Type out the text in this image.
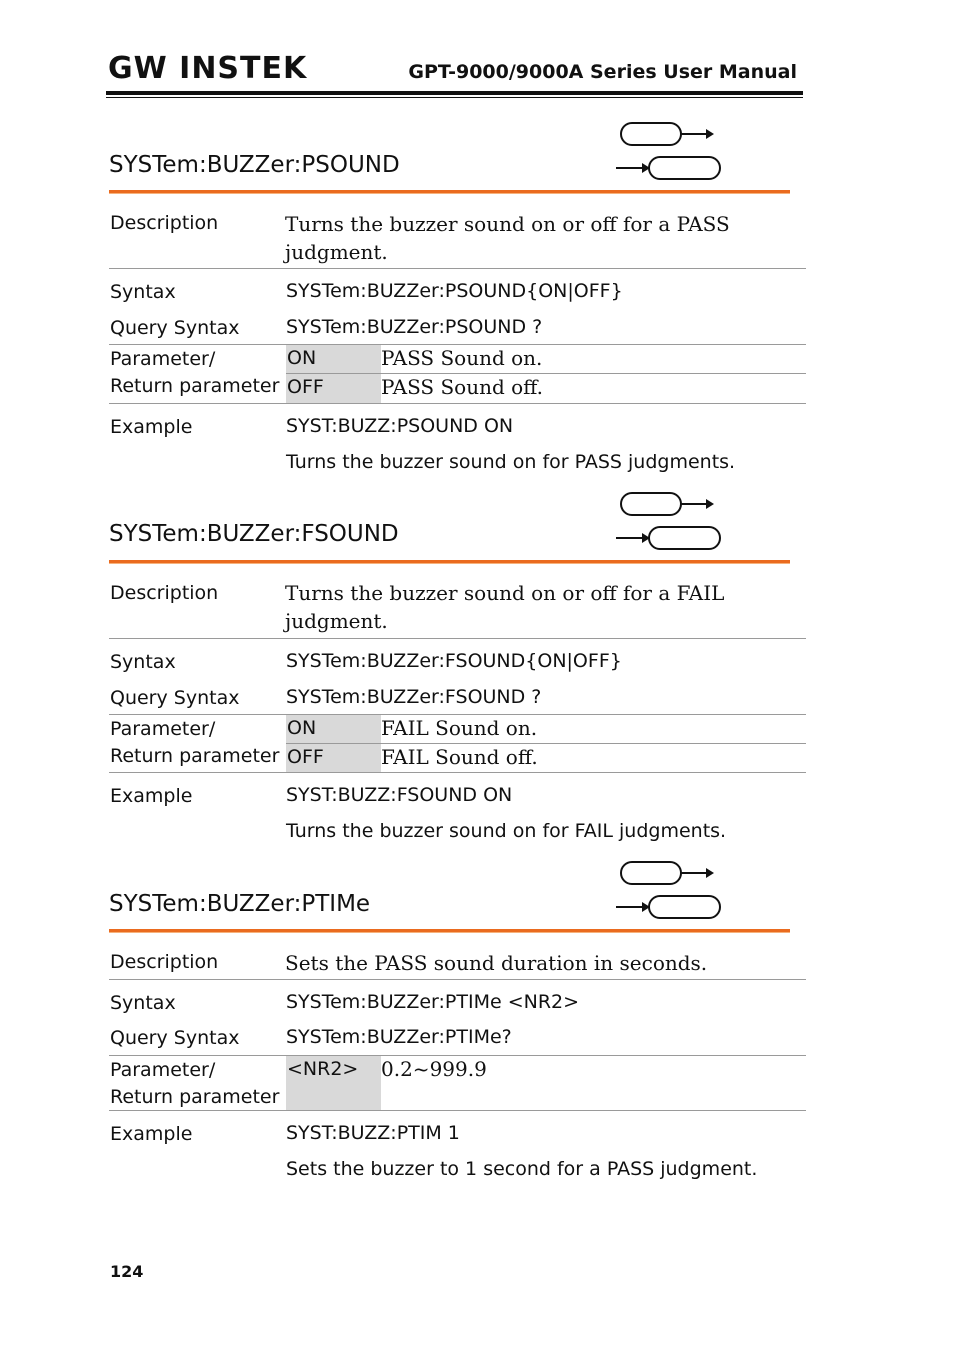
GW INSTEK	GPT-9000/9000A Series User Manual
SYSTem:BUZZer:PSOUND
Description	Turns the buzzer sound on or off for a PASS judgment.
Syntax	SYSTem:BUZZer:PSOUND{ON|OFF}
Query Syntax SYSTem:BUZZer:PSOUND ?
Parameter/
Return parameter
ON	PASS Sound on.
OFF	PASS Sound off.
Example	SYST:BUZZ:PSOUND ON
Turns the buzzer sound on for PASS judgments.
SYSTem:BUZZer:FSOUND
Description	Turns the buzzer sound on or off for a FAIL judgment.
Syntax	SYSTem:BUZZer:FSOUND{ON|OFF}
Query Syntax SYSTem:BUZZer:FSOUND ?
Parameter/
Return parameter
ON	FAIL Sound on.
OFF	FAIL Sound off.
Example	SYST:BUZZ:FSOUND ON
Turns the buzzer sound on for FAIL judgments.
SYSTem:BUZZer:PTIMe
Description	Sets the PASS sound duration in seconds.
Syntax	SYSTem:BUZZer:PTIMe <NR2>
Query Syntax SYSTem:BUZZer:PTIMe?
Parameter/
Return parameter
<NR2> 0.2~999.9
Example	SYST:BUZZ:PTIM 1
Sets the buzzer to 1 second for a PASS judgment.
124
